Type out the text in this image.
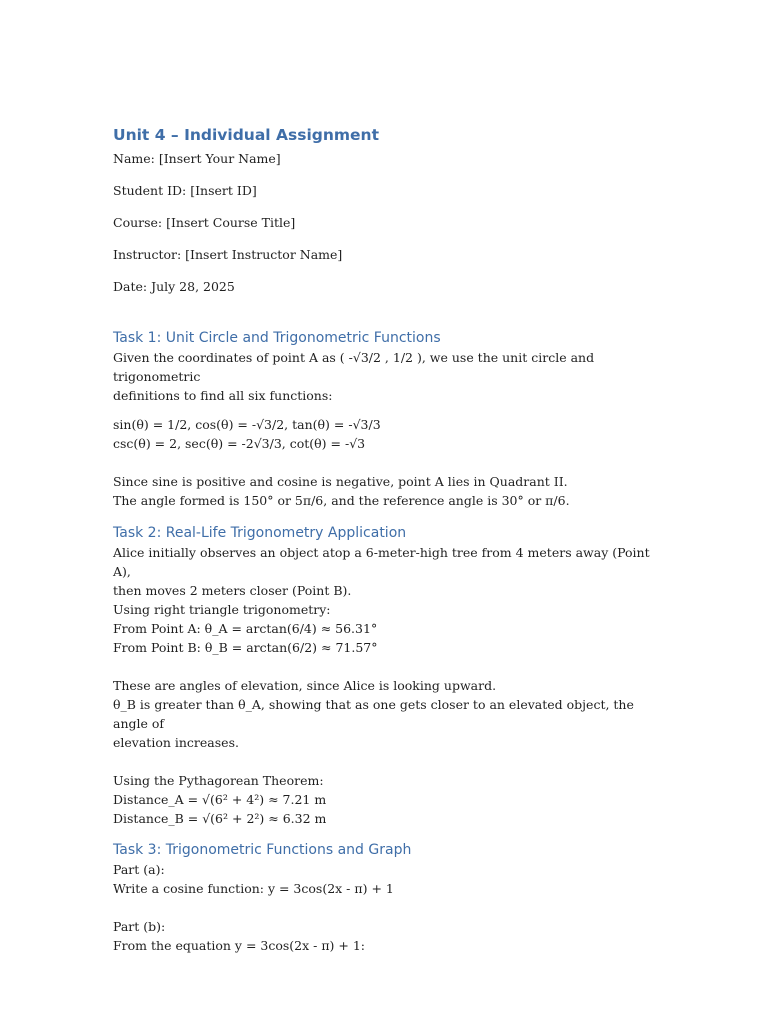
Unit 4 – Individual Assignment

Name: [Insert Your Name]

Student ID: [Insert ID]

Course: [Insert Course Title]

Instructor: [Insert Instructor Name]

Date: July 28, 2025

Task 1: Unit Circle and Trigonometric Functions

Given the coordinates of point A as ( -√3/2 , 1/2 ), we use the unit circle and trigonometric

definitions to find all six functions:

sin(θ) = 1/2, cos(θ) = -√3/2, tan(θ) = -√3/3

csc(θ) = 2, sec(θ) = -2√3/3, cot(θ) = -√3

Since sine is positive and cosine is negative, point A lies in Quadrant II.

The angle formed is 150° or 5π/6, and the reference angle is 30° or π/6.

Task 2: Real-Life Trigonometry Application

Alice initially observes an object atop a 6-meter-high tree from 4 meters away (Point A),

then moves 2 meters closer (Point B).

Using right triangle trigonometry:

From Point A: θ_A = arctan(6/4) ≈ 56.31°

From Point B: θ_B = arctan(6/2) ≈ 71.57°

These are angles of elevation, since Alice is looking upward.

θ_B is greater than θ_A, showing that as one gets closer to an elevated object, the angle of

elevation increases.

Using the Pythagorean Theorem:

Distance_A = √(6² + 4²) ≈ 7.21 m

Distance_B = √(6² + 2²) ≈ 6.32 m

Task 3: Trigonometric Functions and Graph

Part (a):

Write a cosine function: y = 3cos(2x - π) + 1

Part (b):

From the equation y = 3cos(2x - π) + 1:
